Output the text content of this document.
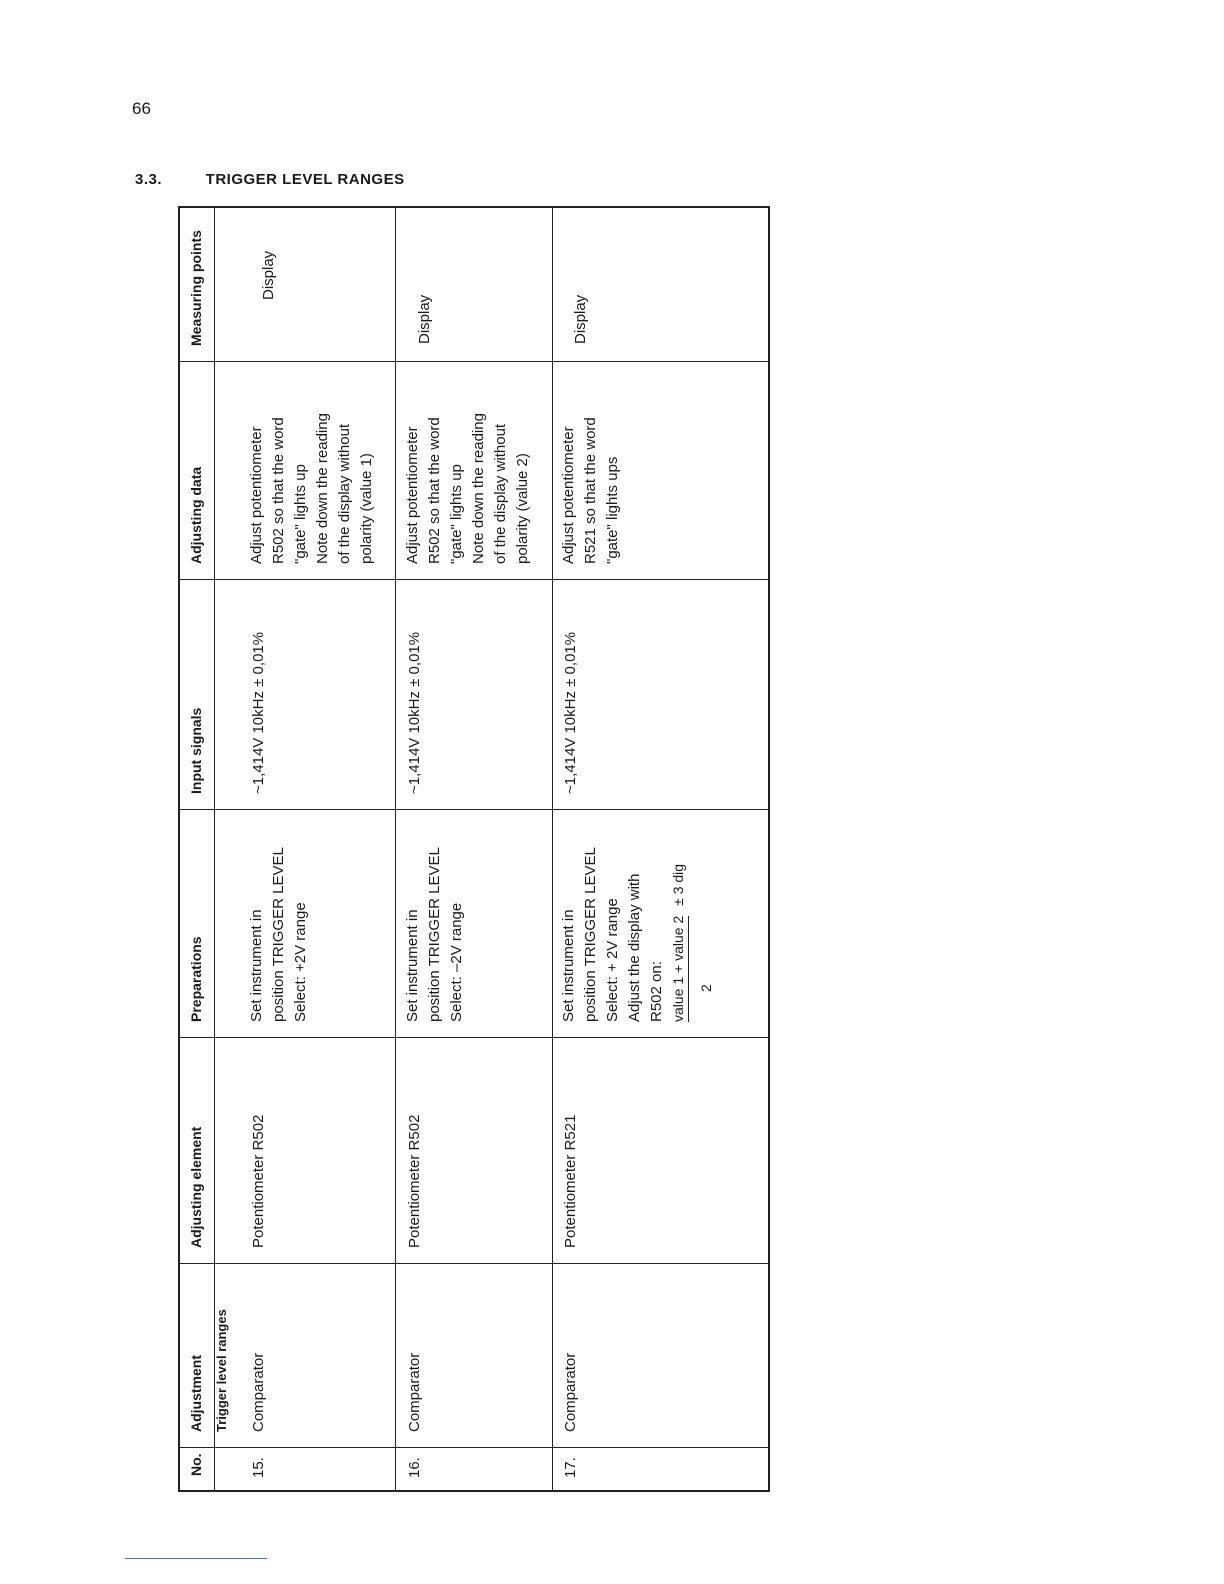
66
3.3.	TRIGGER LEVEL RANGES
No.
Adjustment
Adjusting element
Preparations
Input signals
Adjusting data
Measuring points
Trigger level ranges
15.
Comparator
Potentiometer R502
Set instrument in position TRIGGER LEVEL Select: +2V range
~1,414V 10kHz ± 0,01%
Adjust potentiometer R502 so that the word "gate" lights up Note down the reading of the display without polarity (value 1)
Display
16.
Comparator
Potentiometer R502
Set instrument in position TRIGGER LEVEL Select: –2V range
~1,414V 10kHz ± 0,01%
Adjust potentiometer R502 so that the word "gate" lights up Note down the reading of the display without polarity (value 2)
Display
17.
Comparator
Potentiometer R521
Set instrument in position TRIGGER LEVEL Select: + 2V range Adjust the display with R502 on: value 1 + value 2 ± 3 dig
2
~1,414V 10kHz ± 0,01%
Adjust potentiometer R521 so that the word "gate" lights ups
Display
